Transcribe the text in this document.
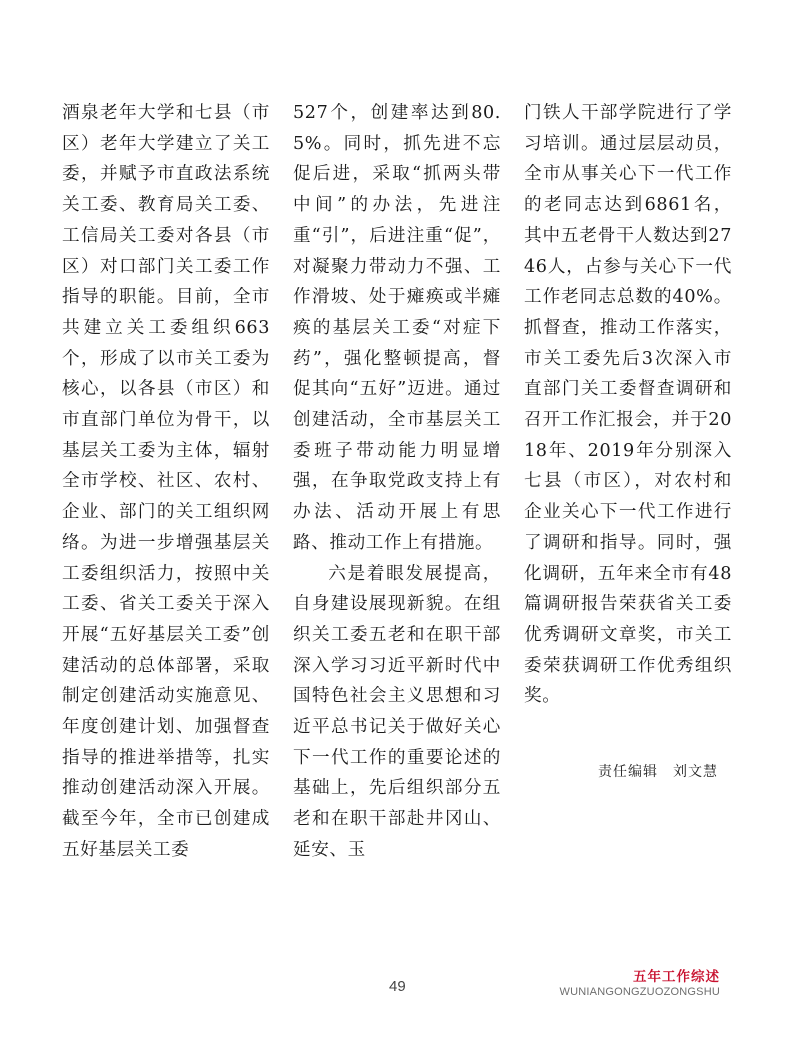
酒泉老年大学和七县（市区）老年大学建立了关工委，并赋予市直政法系统关工委、教育局关工委、工信局关工委对各县（市区）对口部门关工委工作指导的职能。目前，全市共建立关工委组织663个，形成了以市关工委为核心，以各县（市区）和市直部门单位为骨干，以基层关工委为主体，辐射全市学校、社区、农村、企业、部门的关工组织网络。为进一步增强基层关工委组织活力，按照中关工委、省关工委关于深入开展“五好基层关工委”创建活动的总体部署，采取制定创建活动实施意见、年度创建计划、加强督查指导的推进举措等，扎实推动创建活动深入开展。截至今年，全市已创建成五好基层关工委

527个，创建率达到80.5%。同时，抓先进不忘促后进，采取“抓两头带中间”的办法，先进注重“引”，后进注重“促”，对凝聚力带动力不强、工作滑坡、处于瘫痪或半瘫痪的基层关工委“对症下药”，强化整顿提高，督促其向“五好”迈进。通过创建活动，全市基层关工委班子带动能力明显增强，在争取党政支持上有办法、活动开展上有思路、推动工作上有措施。

六是着眼发展提高，自身建设展现新貌。在组织关工委五老和在职干部深入学习习近平新时代中国特色社会主义思想和习近平总书记关于做好关心下一代工作的重要论述的基础上，先后组织部分五老和在职干部赴井冈山、延安、玉

门铁人干部学院进行了学习培训。通过层层动员，全市从事关心下一代工作的老同志达到6861名，其中五老骨干人数达到2746人，占参与关心下一代工作老同志总数的40%。抓督查，推动工作落实，市关工委先后3次深入市直部门关工委督查调研和召开工作汇报会，并于2018年、2019年分别深入七县（市区），对农村和企业关心下一代工作进行了调研和指导。同时，强化调研，五年来全市有48篇调研报告荣获省关工委优秀调研文章奖，市关工委荣获调研工作优秀组织奖。

责任编辑　刘文慧
49
五年工作综述
WUNIANGONGZUOZONGSHU
